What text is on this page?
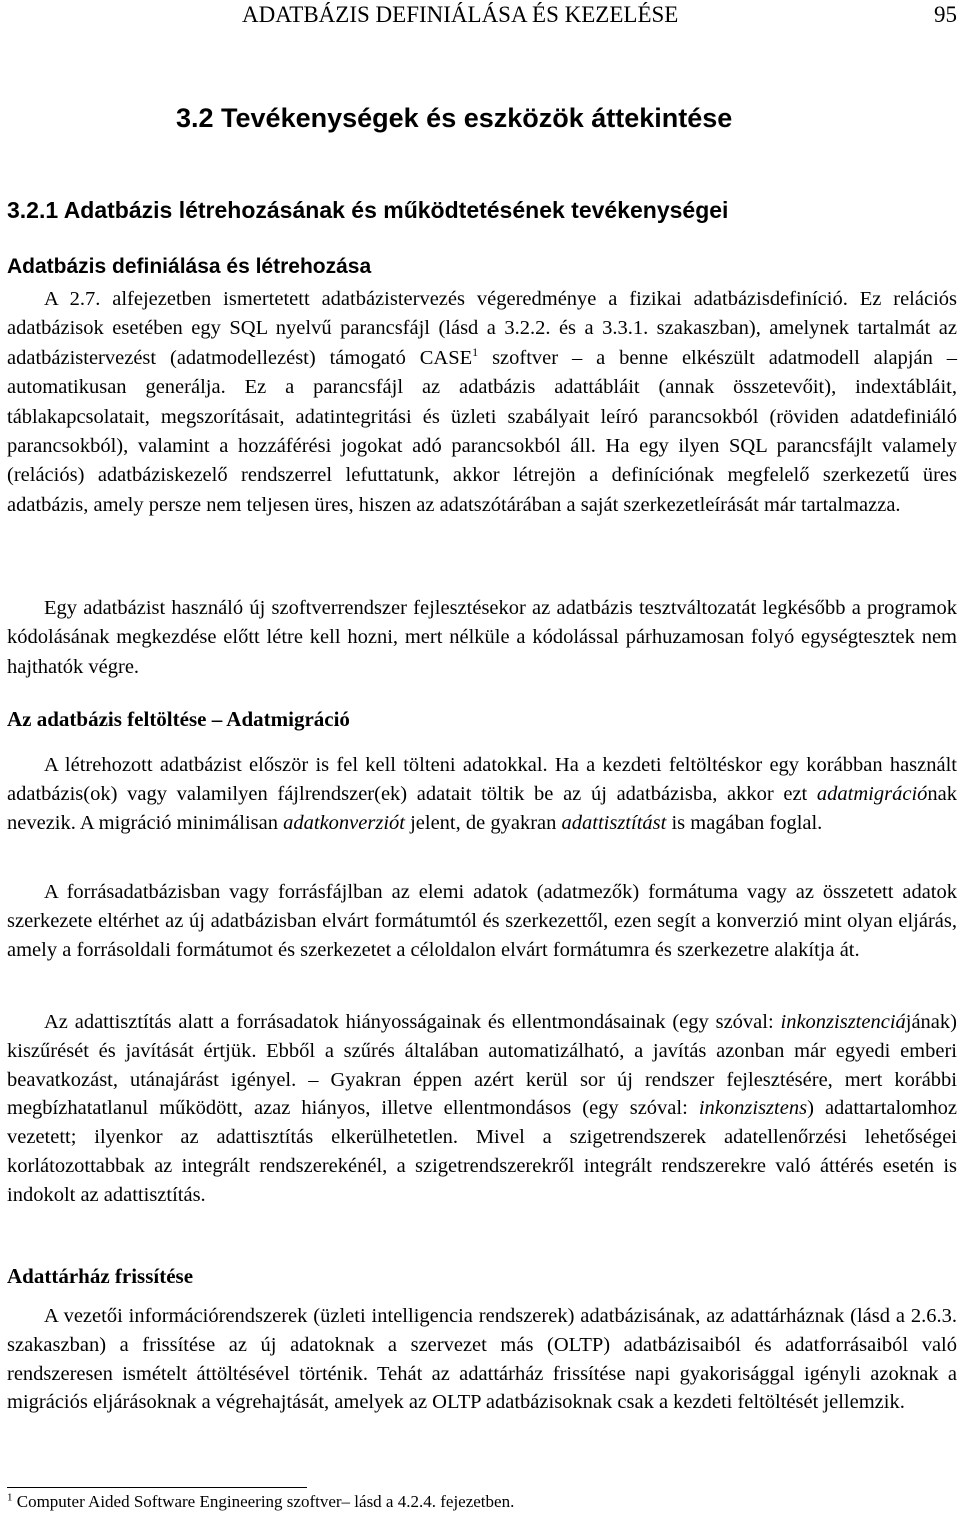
ADATBÁZIS DEFINIÁLÁSA ÉS KEZELÉSE	95
3.2 Tevékenységek és eszközök áttekintése
3.2.1 Adatbázis létrehozásának és működtetésének tevékenységei
Adatbázis definiálása és létrehozása

A 2.7. alfejezetben ismertetett adatbázistervezés végeredménye a fizikai adatbázisdefiníció. Ez relációs adatbázisok esetében egy SQL nyelvű parancsfájl (lásd a 3.2.2. és a 3.3.1. szakaszban), amelynek tartalmát az adatbázistervezést (adatmodellezést) támogató CASE$^1$ szoftver – a benne elkészült adatmodell alapján – automatikusan generálja. Ez a parancsfájl az adatbázis adattábláit (annak összetevőit), indextábláit, táblakapcsolatait, megszorításait, adatintegritási és üzleti szabályait leíró parancsokból (röviden adatdefiniáló parancsokból), valamint a hozzáférési jogokat adó parancsokból áll. Ha egy ilyen SQL parancsfájlt valamely (relációs) adatbáziskezelő rendszerrel lefuttatunk, akkor létrejön a definíciónak megfelelő szerkezetű üres adatbázis, amely persze nem teljesen üres, hiszen az adatszótárában a saját szerkezetleírását már tartalmazza.

Egy adatbázist használó új szoftverrendszer fejlesztésekor az adatbázis tesztváltozatát legkésőbb a programok kódolásának megkezdése előtt létre kell hozni, mert nélküle a kódolással párhuzamosan folyó egységtesztek nem hajthatók végre.

Az adatbázis feltöltése – Adatmigráció

A létrehozott adatbázist először is fel kell tölteni adatokkal. Ha a kezdeti feltöltéskor egy korábban használt adatbázis(ok) vagy valamilyen fájlrendszer(ek) adatait töltik be az új adatbázisba, akkor ezt adatmigrációnak nevezik. A migráció minimálisan adatkonverziót jelent, de gyakran adattisztítást is magában foglal.

A forrásadatbázisban vagy forrásfájlban az elemi adatok (adatmezők) formátuma vagy az összetett adatok szerkezete eltérhet az új adatbázisban elvárt formátumtól és szerkezettől, ezen segít a konverzió mint olyan eljárás, amely a forrásoldali formátumot és szerkezetet a céloldalon elvárt formátumra és szerkezetre alakítja át.

Az adattisztítás alatt a forrásadatok hiányosságainak és ellentmondásainak (egy szóval: inkonzisztenciájának) kiszűrését és javítását értjük. Ebből a szűrés általában automatizálható, a javítás azonban már egyedi emberi beavatkozást, utánajárást igényel. – Gyakran éppen azért kerül sor új rendszer fejlesztésére, mert korábbi megbízhatatlanul működött, azaz hiányos, illetve ellentmondásos (egy szóval: inkonzisztens) adattartalomhoz vezetett; ilyenkor az adattisztítás elkerülhetetlen. Mivel a szigetrendszerek adatellenőrzési lehetőségei korlátozottabbak az integrált rendszerekénél, a szigetrendszerekről integrált rendszerekre való áttérés esetén is indokolt az adattisztítás.

Adattárház frissítése

A vezetői információrendszerek (üzleti intelligencia rendszerek) adatbázisának, az adattárháznak (lásd a 2.6.3. szakaszban) a frissítése az új adatoknak a szervezet más (OLTP) adatbázisaiból és adatforrásaiból való rendszeresen ismételt áttöltésével történik. Tehát az adattárház frissítése napi gyakorisággal igényli azoknak a migrációs eljárásoknak a végrehajtását, amelyek az OLTP adatbázisoknak csak a kezdeti feltöltését jellemzik.

$^1$ Computer Aided Software Engineering szoftver– lásd a 4.2.4. fejezetben.
